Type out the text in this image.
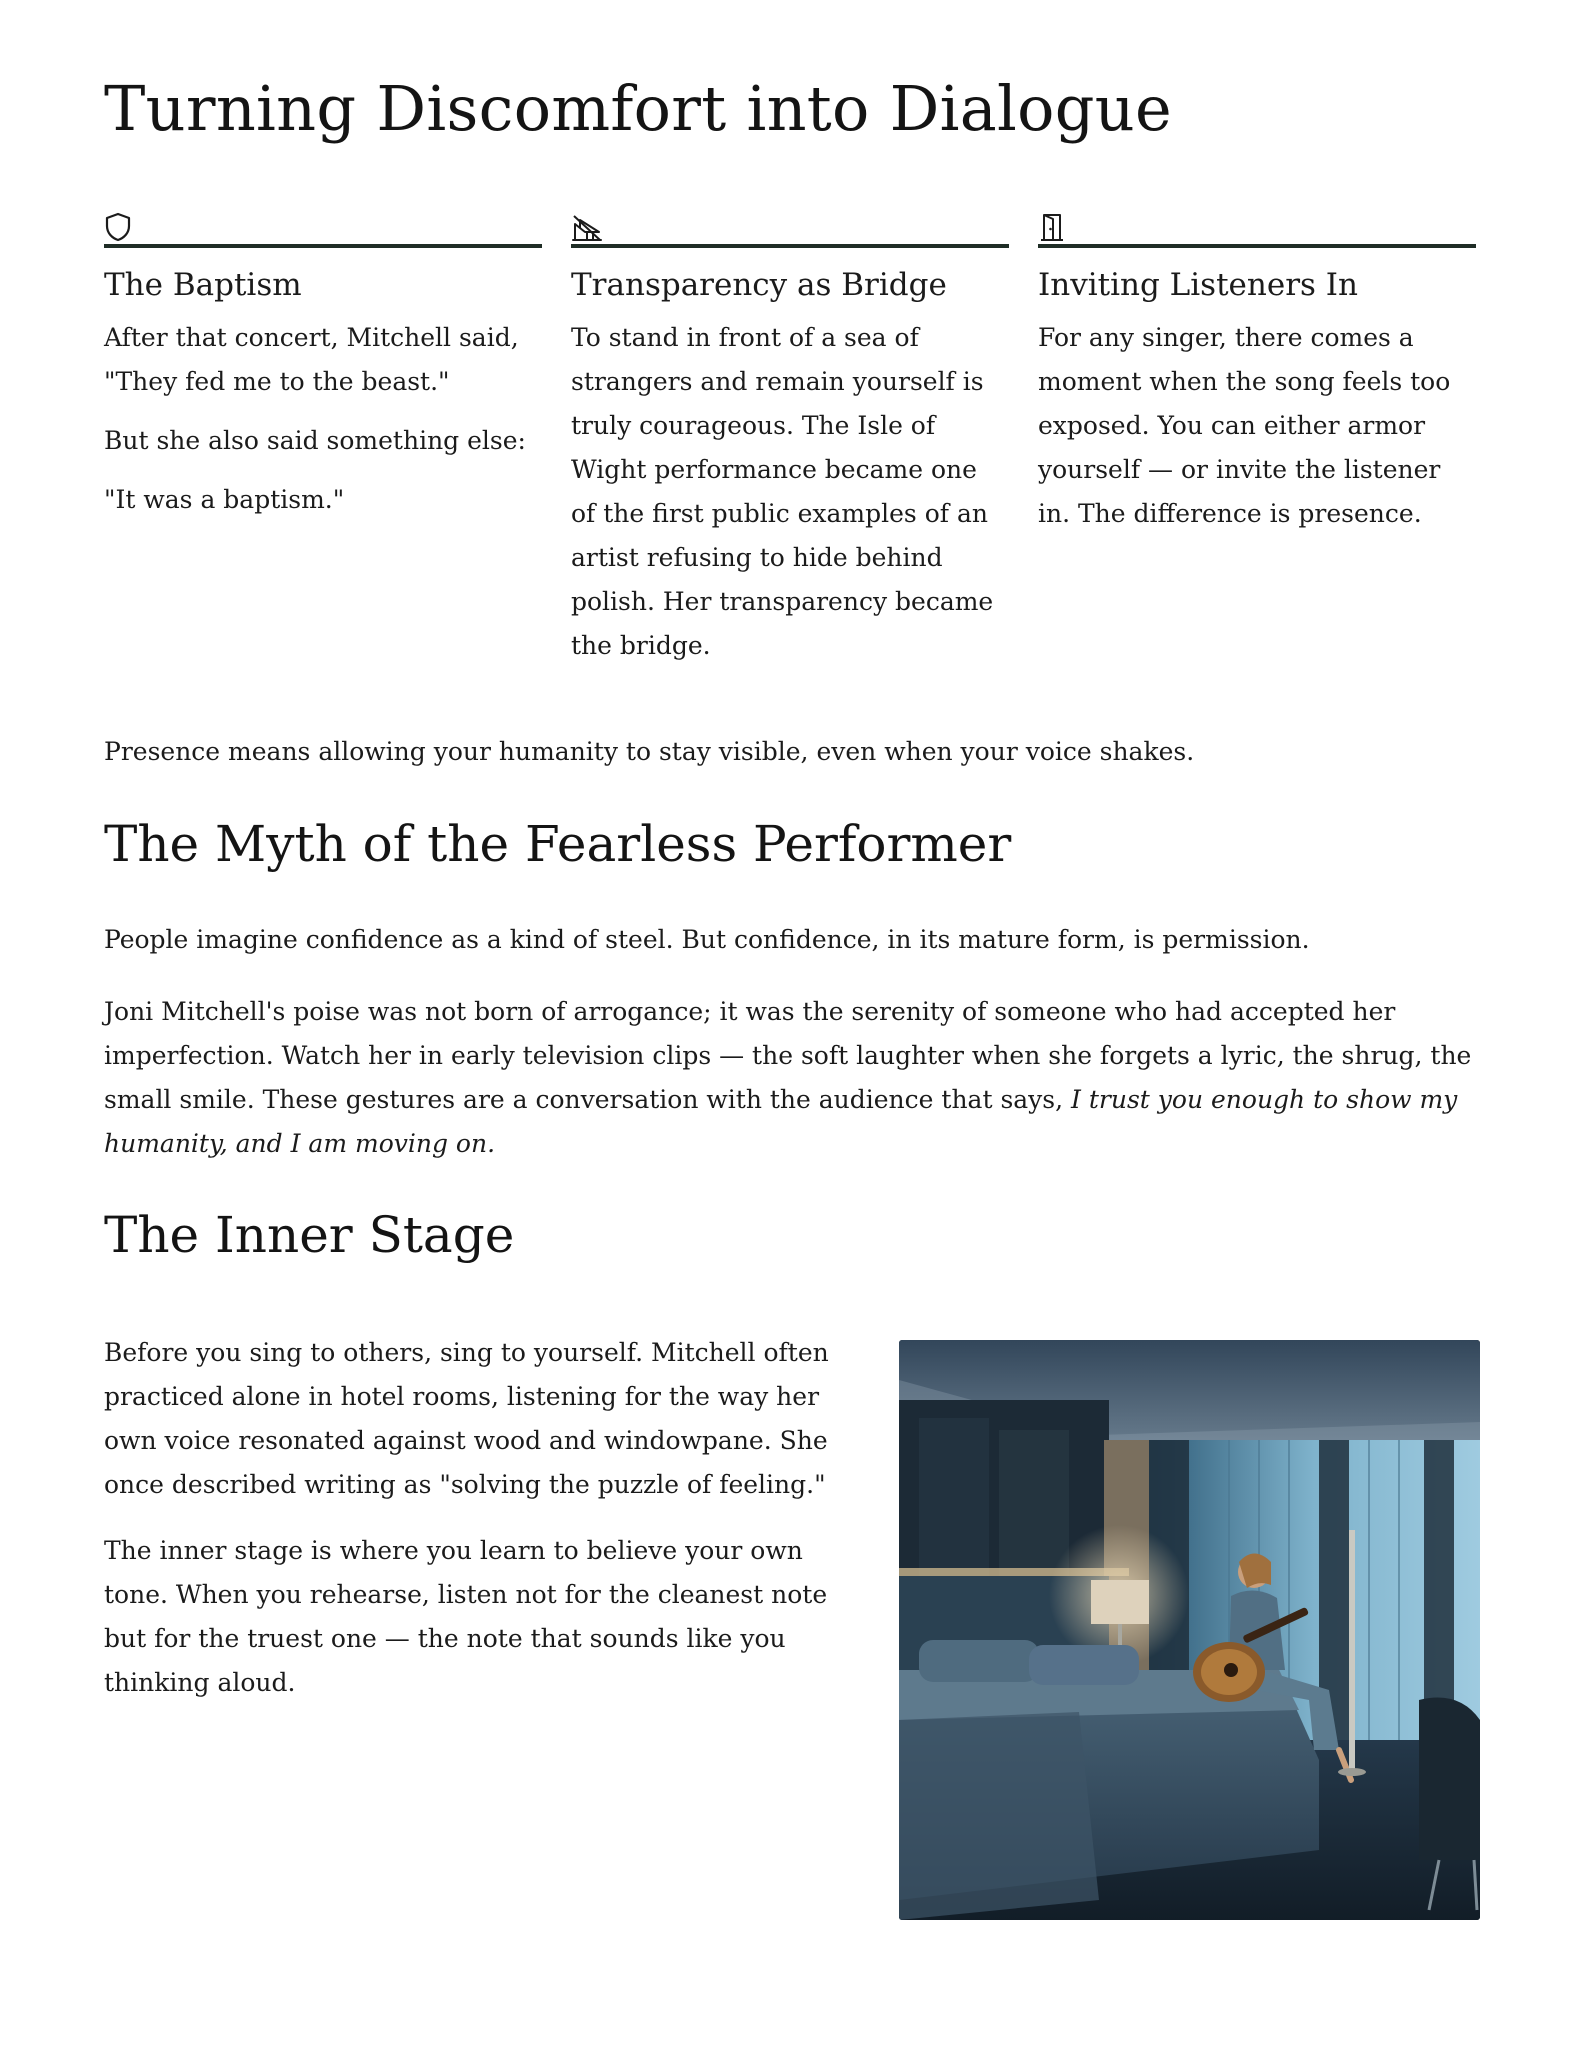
Turning Discomfort into Dialogue
The Baptism

After that concert, Mitchell said, "They fed me to the beast."

But she also said something else:

"It was a baptism."

Transparency as Bridge

To stand in front of a sea of strangers and remain yourself is truly courageous. The Isle of Wight performance became one of the first public examples of an artist refusing to hide behind polish. Her transparency became the bridge.

Inviting Listeners In

For any singer, there comes a moment when the song feels too exposed. You can either armor yourself — or invite the listener in. The difference is presence.

Presence means allowing your humanity to stay visible, even when your voice shakes.

The Myth of the Fearless Performer

People imagine confidence as a kind of steel. But confidence, in its mature form, is permission.

Joni Mitchell's poise was not born of arrogance; it was the serenity of someone who had accepted her imperfection. Watch her in early television clips — the soft laughter when she forgets a lyric, the shrug, the small smile. These gestures are a conversation with the audience that says, I trust you enough to show my humanity, and I am moving on.

The Inner Stage

Before you sing to others, sing to yourself. Mitchell often practiced alone in hotel rooms, listening for the way her own voice resonated against wood and windowpane. She once described writing as "solving the puzzle of feeling."

The inner stage is where you learn to believe your own tone. When you rehearse, listen not for the cleanest note but for the truest one — the note that sounds like you thinking aloud.
